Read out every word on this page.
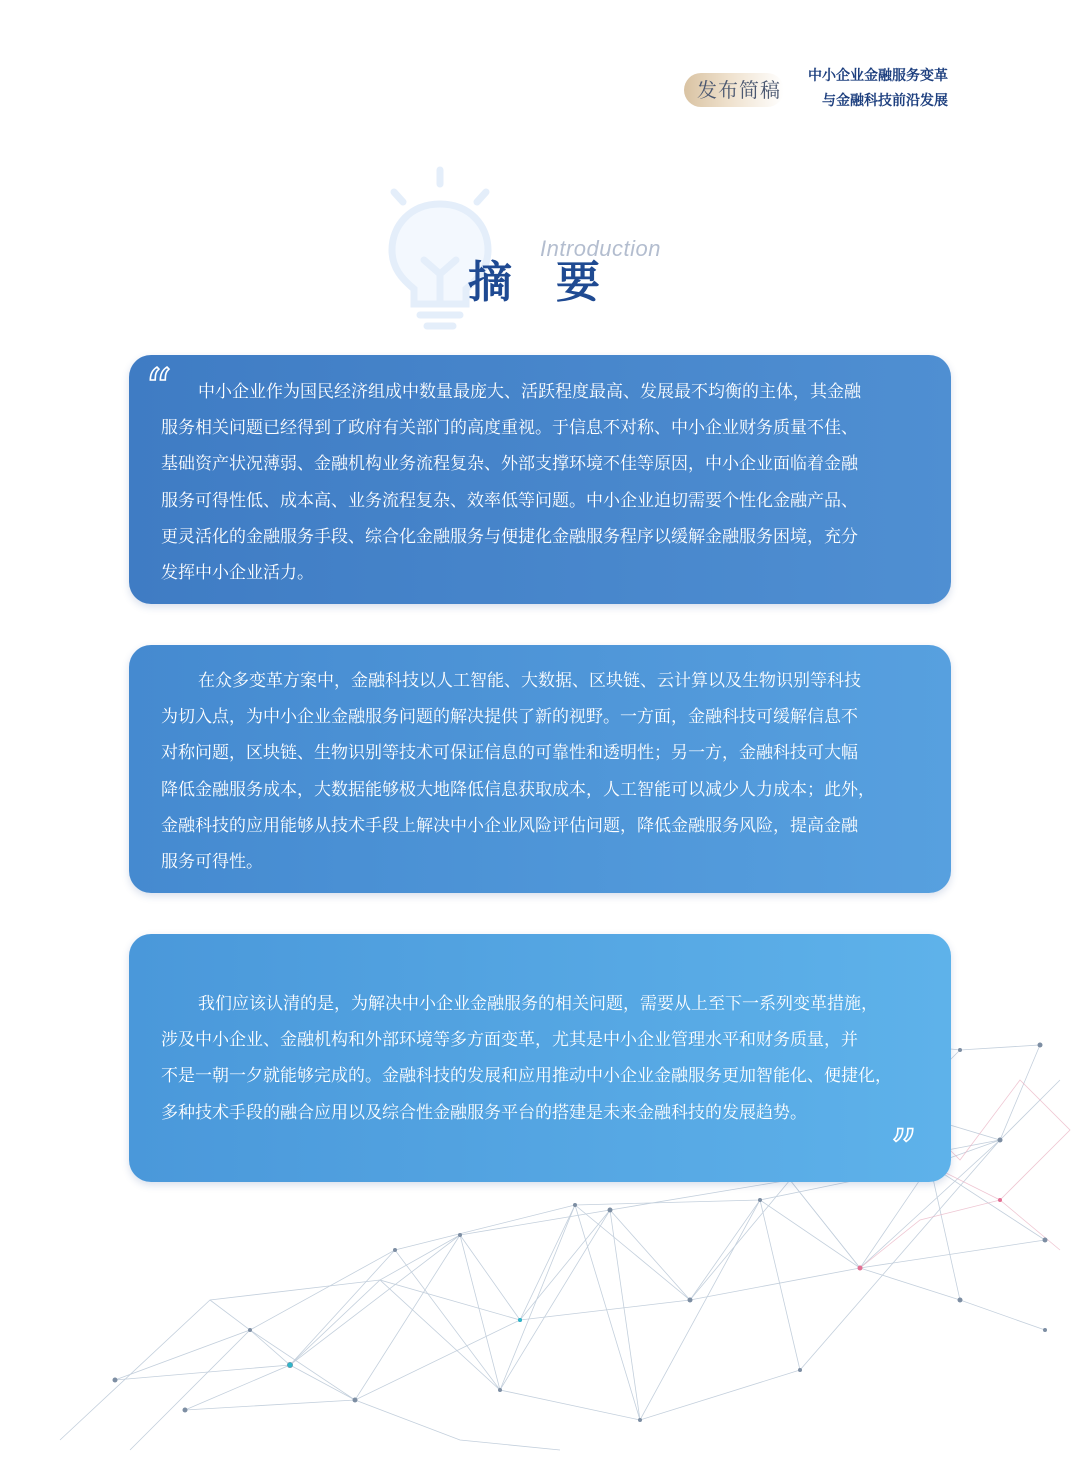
发布简稿
中小企业金融服务变革
与金融科技前沿发展
Introduction
摘要
“	中小企业作为国民经济组成中数量最庞大、活跃程度最高、发展最不均衡的主体，其金融
服务相关问题已经得到了政府有关部门的高度重视。于信息不对称、中小企业财务质量不佳、
基础资产状况薄弱、金融机构业务流程复杂、外部支撑环境不佳等原因，中小企业面临着金融
服务可得性低、成本高、业务流程复杂、效率低等问题。中小企业迫切需要个性化金融产品、
更灵活化的金融服务手段、综合化金融服务与便捷化金融服务程序以缓解金融服务困境，充分
发挥中小企业活力。
在众多变革方案中，金融科技以人工智能、大数据、区块链、云计算以及生物识别等科技
为切入点，为中小企业金融服务问题的解决提供了新的视野。一方面，金融科技可缓解信息不
对称问题，区块链、生物识别等技术可保证信息的可靠性和透明性；另一方，金融科技可大幅
降低金融服务成本，大数据能够极大地降低信息获取成本，人工智能可以减少人力成本；此外，
金融科技的应用能够从技术手段上解决中小企业风险评估问题，降低金融服务风险，提高金融
服务可得性。
我们应该认清的是，为解决中小企业金融服务的相关问题，需要从上至下一系列变革措施，
涉及中小企业、金融机构和外部环境等多方面变革，尤其是中小企业管理水平和财务质量，并
不是一朝一夕就能够完成的。金融科技的发展和应用推动中小企业金融服务更加智能化、便捷化，
多种技术手段的融合应用以及综合性金融服务平台的搭建是未来金融科技的发展趋势。
”
